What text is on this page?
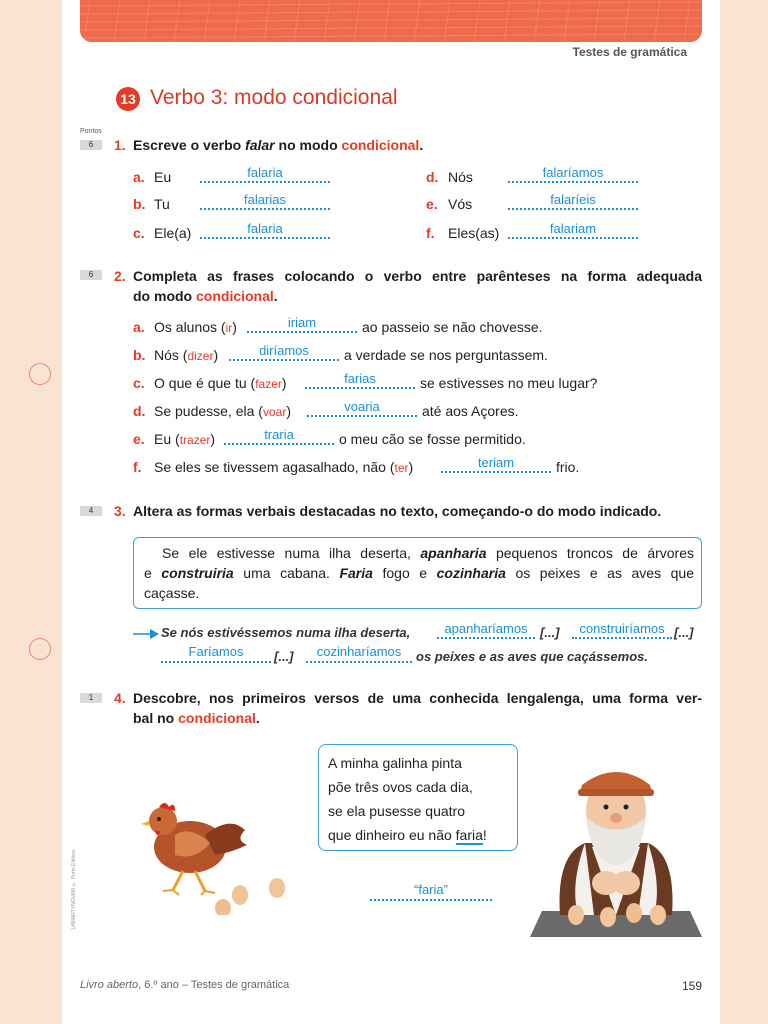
Testes de gramática
13 Verbo 3: modo condicional
Pontos
6	1. Escreve o verbo falar no modo condicional.
a. Eu	falaria
b. Tu	falarias
c. Ele(a)	falaria
d. Nós	falaríamos
e. Vós	falaríeis
f. Eles(as)	falariam
6	2. Completa as frases colocando o verbo entre parênteses na forma adequada
do modo condicional.
a. Os alunos (ir)	iriam	ao passeio se não chovesse.
b. Nós (dizer)	diríamos	a verdade se nos perguntassem.
c. O que é que tu (fazer)	farias	se estivesses no meu lugar?
d. Se pudesse, ela (voar)	voaria	até aos Açores.
e. Eu (trazer)	traria	o meu cão se fosse permitido.
f. Se eles se tivessem agasalhado, não (ter)	teriam	frio.
4	3. Altera as formas verbais destacadas no texto, começando-o do modo indicado.
Se ele estivesse numa ilha deserta, apanharia pequenos troncos de árvores
e construiria uma cabana. Faria fogo e cozinharia os peixes e as aves que
caçasse.
Se nós estivéssemos numa ilha deserta,	apanharíamos [...]	construiríamos [...]
Faríamos	[...]	cozinharíamos	os peixes e as aves que caçássemos.
1	4. Descobre, nos primeiros versos de uma conhecida lengalenga, uma forma ver-
bal no condicional.
A minha galinha pinta
põe três ovos cada dia,
se ela pusesse quatro
que dinheiro eu não faria!
“faria”
LAMARTYNOVAM © Porto Editora
Livro aberto, 6.º ano – Testes de gramática	159
